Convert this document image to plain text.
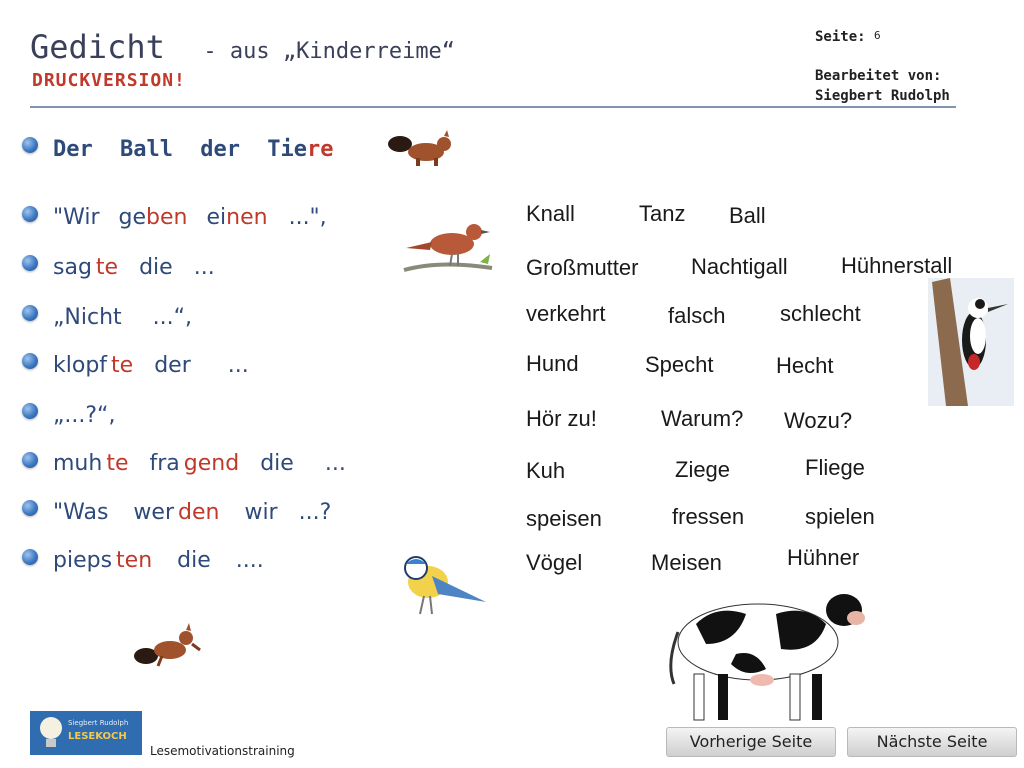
Gedicht - aus „Kinderreime“
DRUCKVERSION!
Seite: 6
Bearbeitet von:
Siegbert Rudolph
Der Ball der Tiere
"Wir geben einen ...",
sag te die ...
„Nicht ...“,
klopf te der ...
„...?“,
muh te fra gend die ...
"Was wer den wir ...?
pieps ten die ....
Knall	Tanz Ball
Großmutter Nachtigall Hühnerstall
verkehrt	falsch schlecht
Hund	Specht	Hecht
Hör zu!	Warum? Wozu?
Kuh	Ziege	Fliege
speisen	fressen	spielen
Vögel	Meisen	Hühner
Siegbert Rudolph
LESEKOCH
Lesemotivationstraining	Vorherige Seite	Nächste Seite
